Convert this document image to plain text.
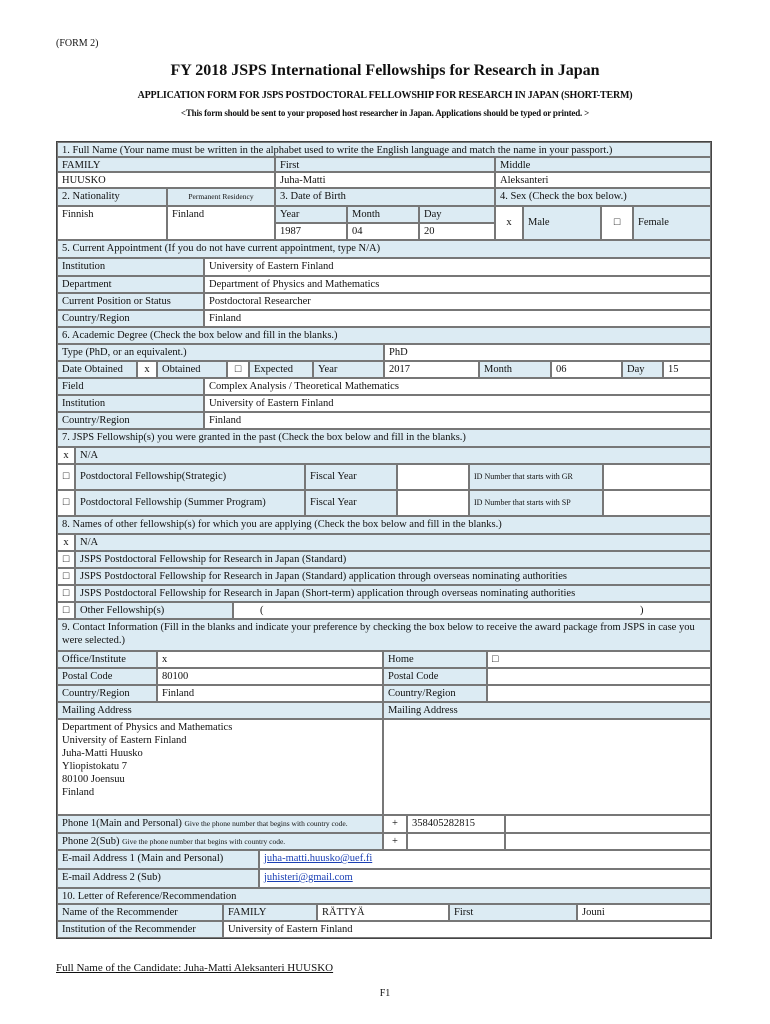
(FORM 2)
FY 2018 JSPS International Fellowships for Research in Japan
APPLICATION FORM FOR JSPS POSTDOCTORAL FELLOWSHIP FOR RESEARCH IN JAPAN (SHORT-TERM)
<This form should be sent to your proposed host researcher in Japan. Applications should be typed or printed. >
1. Full Name (Your name must be written in the alphabet used to write the English language and match the name in your passport.)
FAMILY	First	Middle
HUUSKO	Juha-Matti	Aleksanteri
2. Nationality	Permanent Residency	3. Date of Birth	4. Sex (Check the box below.)
Finnish	Finland	Year	Month	Day
1987	04	20
x	Male	□	Female
5. Current Appointment (If you do not have current appointment, type N/A)
Institution	University of Eastern Finland
Department	Department of Physics and Mathematics
Current Position or Status	Postdoctoral Researcher
Country/Region	Finland
6. Academic Degree (Check the box below and fill in the blanks.)
Type (PhD, or an equivalent.)	PhD
Date Obtained	x	Obtained	□	Expected	Year	2017	Month	06	Day	15
Field	Complex Analysis / Theoretical Mathematics
Institution	University of Eastern Finland
Country/Region	Finland
7. JSPS Fellowship(s) you were granted in the past (Check the box below and fill in the blanks.)
x	N/A
□	Postdoctoral Fellowship(Strategic)	Fiscal Year	ID Number that starts with GR
□	Postdoctoral Fellowship (Summer Program)	Fiscal Year	ID Number that starts with SP
8. Names of other fellowship(s) for which you are applying (Check the box below and fill in the blanks.)
x	N/A
□	JSPS Postdoctoral Fellowship for Research in Japan (Standard)
□	JSPS Postdoctoral Fellowship for Research in Japan (Standard) application through overseas nominating authorities
□	JSPS Postdoctoral Fellowship for Research in Japan (Short-term) application through overseas nominating authorities
□	Other Fellowship(s)	(	)
9. Contact Information (Fill in the blanks and indicate your preference by checking the box below to receive the award package from JSPS in case you were selected.)
Office/Institute	x	Home	□
Postal Code	80100	Postal Code
Country/Region	Finland	Country/Region
Mailing Address	Mailing Address
Department of Physics and Mathematics
University of Eastern Finland
Juha-Matti Huusko
Yliopistokatu 7
80100 Joensuu
Finland
Phone 1(Main and Personal) Give the phone number that begins with country code.	+	358405282815
Phone 2(Sub) Give the phone number that begins with country code.	+
E-mail Address 1 (Main and Personal)	juha-matti.huusko@uef.fi
E-mail Address 2 (Sub)	juhisteri@gmail.com
10. Letter of Reference/Recommendation
Name of the Recommender	FAMILY	RÄTTYÄ	First	Jouni
Institution of the Recommender	University of Eastern Finland
Full Name of the Candidate: Juha-Matti Aleksanteri HUUSKO
F1
